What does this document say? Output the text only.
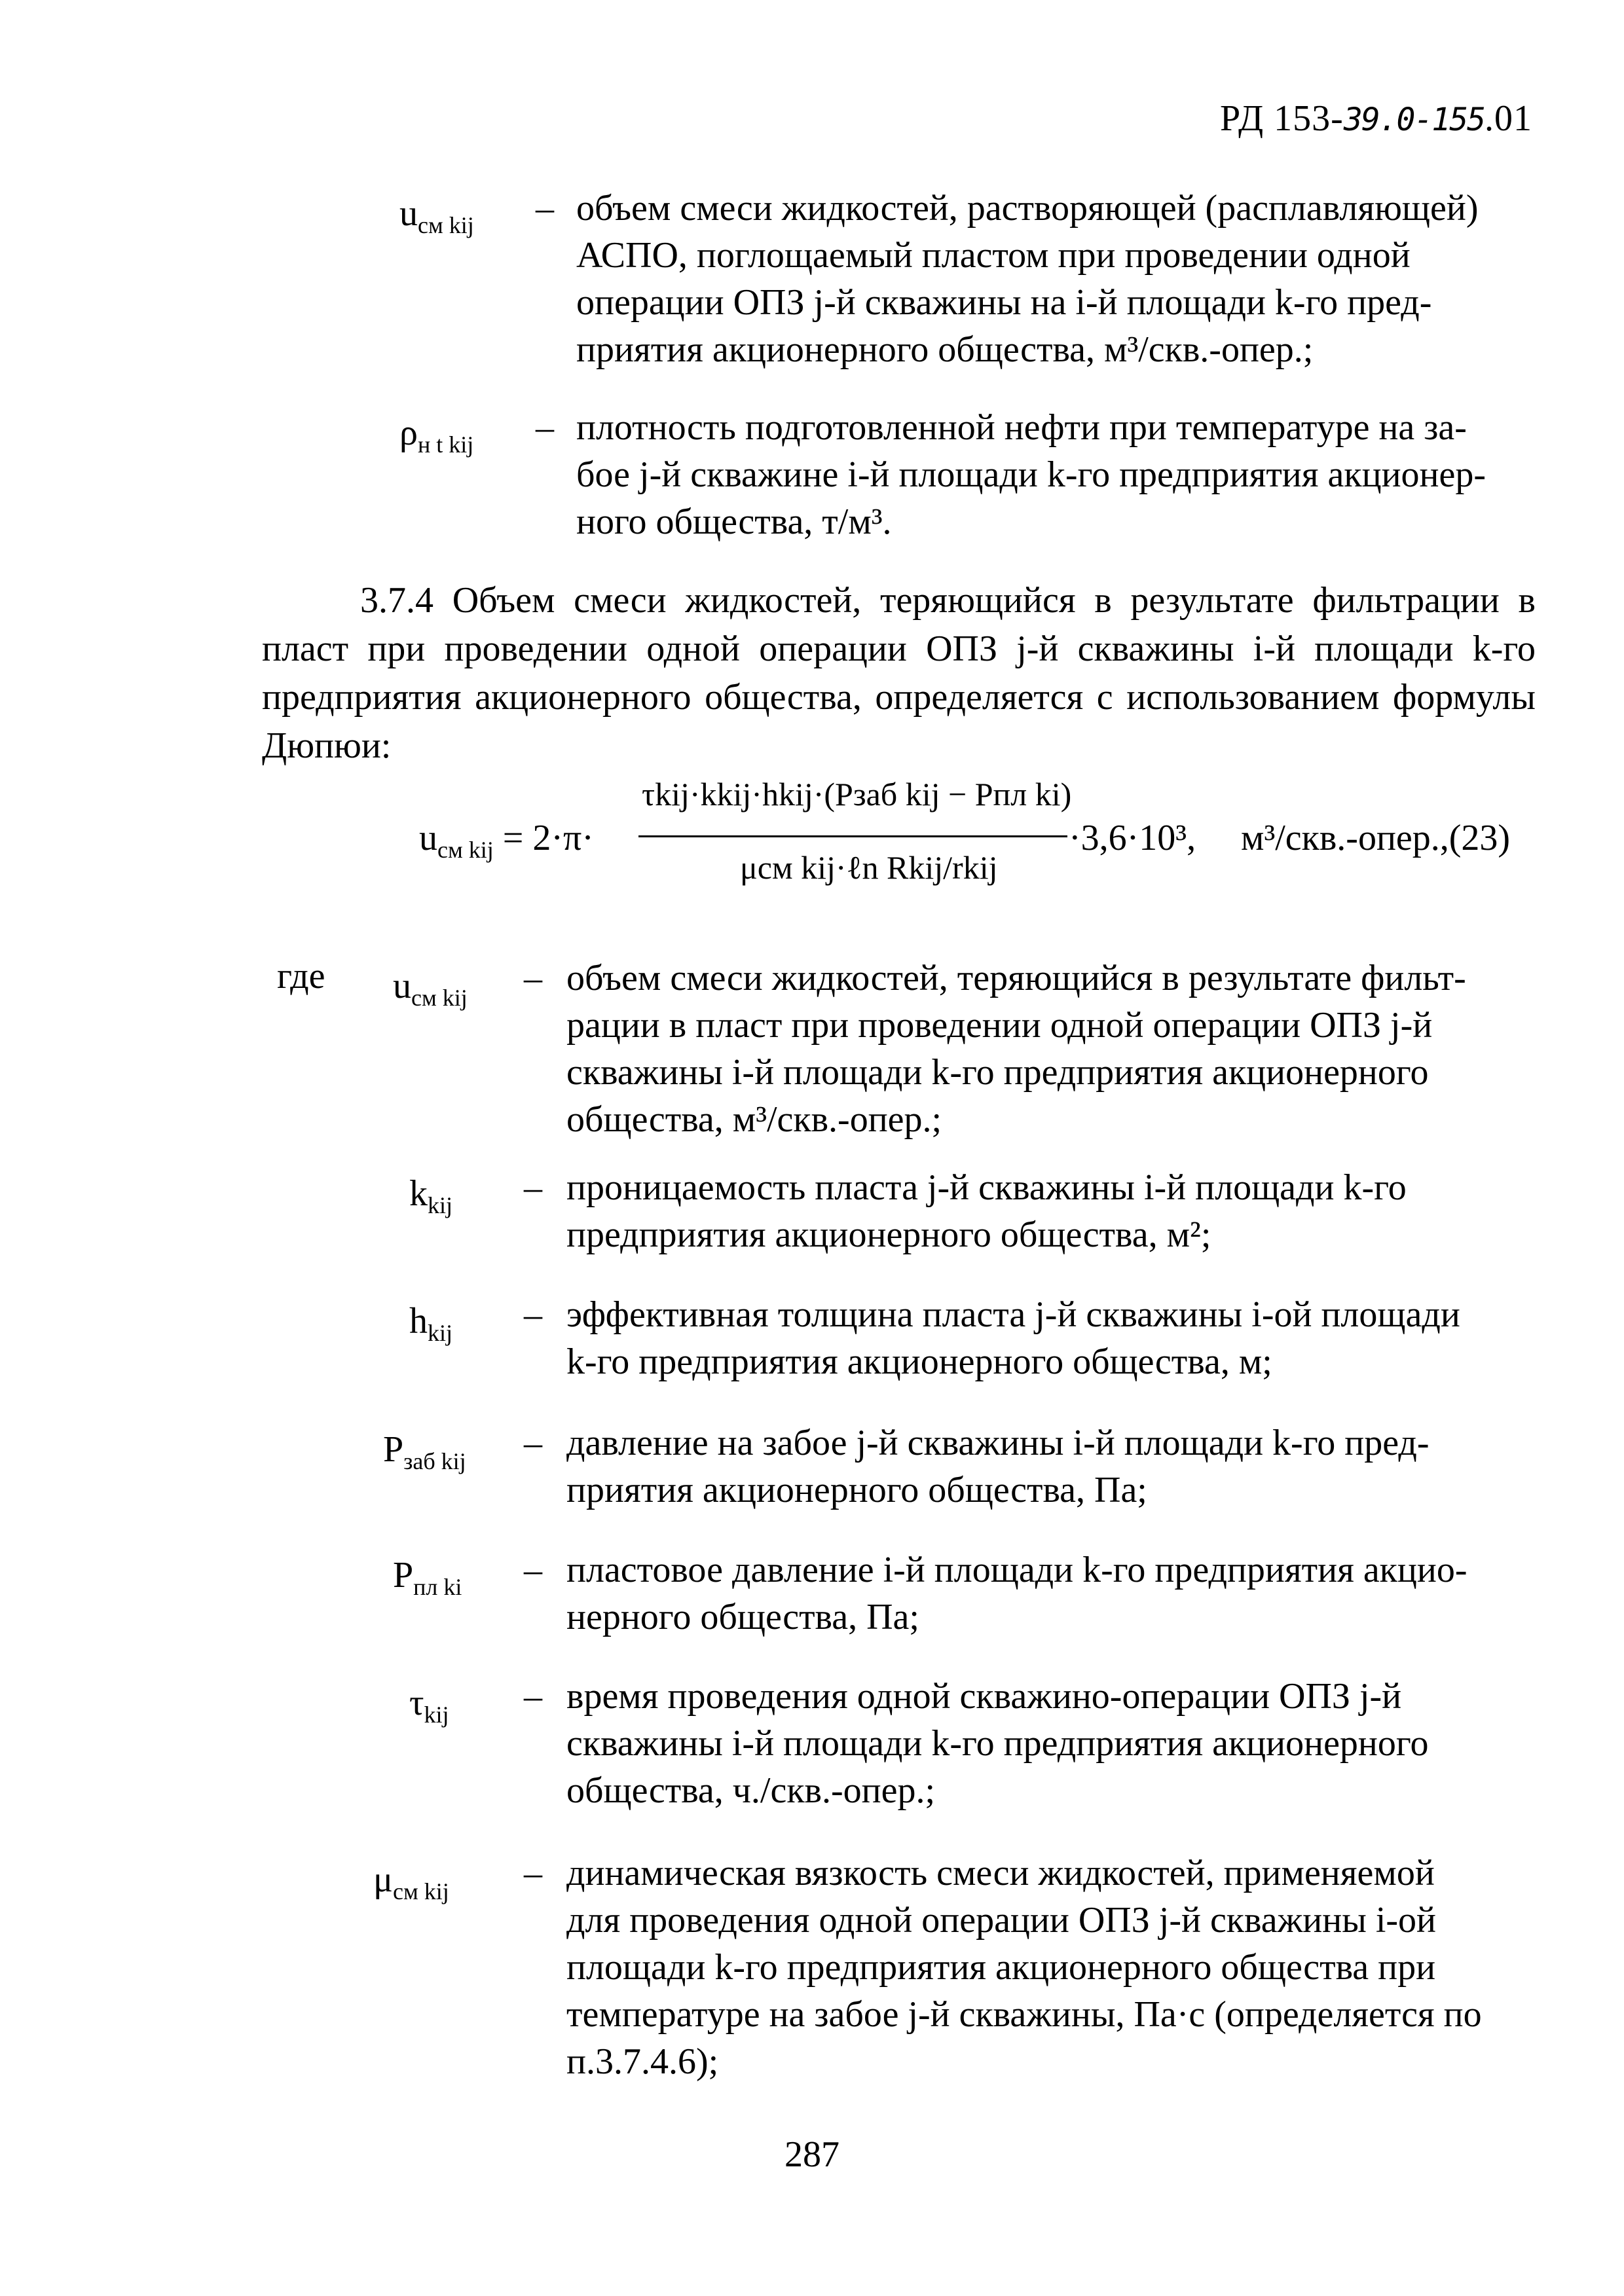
РД 153-39.0-155.01
$u_{см kij}$ – объем смеси жидкостей, растворяющей (расплавляющей)
АСПО, поглощаемый пластом при проведении одной
операции ОПЗ j-й скважины на i-й площади k-го пред-
приятия акционерного общества, м³/скв.-опер.;
$\rho_{н t kij}$ – плотность подготовленной нефти при температуре на за-
бое j-й скважине i-й площади k-го предприятия акционер-
ного общества, т/м³.
3.7.4 Объем смеси жидкостей, теряющийся в результате фильтрации в пласт при проведении одной операции ОПЗ j-й скважины i-й площади k-го предприятия акционерного общества, определяется с использованием формулы Дюпюи:
$u_{см kij} = 2\cdot\pi\cdot$
τkij·kkij·hkij·(Pзаб kij − Pпл ki)
μсм kij·ℓn Rkij/rkij
·3,6·10³, м³/скв.-опер.,(23)
где $u_{см kij}$ – объем смеси жидкостей, теряющийся в результате фильт-
рации в пласт при проведении одной операции ОПЗ j-й
скважины i-й площади k-го предприятия акционерного
общества, м³/скв.-опер.;
$k_{kij}$ – проницаемость пласта j-й скважины i-й площади k-го
предприятия акционерного общества, м²;
$h_{kij}$ – эффективная толщина пласта j-й скважины i-ой площади
k-го предприятия акционерного общества, м;
$P_{заб kij}$ – давление на забое j-й скважины i-й площади k-го пред-
приятия акционерного общества, Па;
$P_{пл ki}$ – пластовое давление i-й площади k-го предприятия акцио-
нерного общества, Па;
$\tau_{kij}$ – время проведения одной скважино-операции ОПЗ j-й
скважины i-й площади k-го предприятия акционерного
общества, ч./скв.-опер.;
$\mu_{см kij}$ – динамическая вязкость смеси жидкостей, применяемой
для проведения одной операции ОПЗ j-й скважины i-ой
площади k-го предприятия акционерного общества при
температуре на забое j-й скважины, Па·с (определяется по
п.3.7.4.6);
287
